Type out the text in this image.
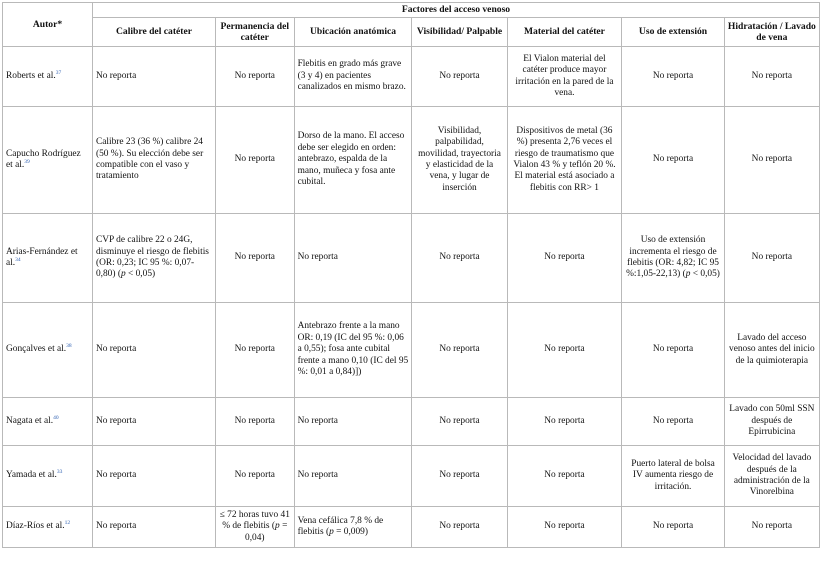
Autor*	Factores del acceso venoso						
	Calibre del catéter	Permanencia del catéter	Ubicación anatómica	Visibilidad/ Palpable	Material del catéter	Uso de extensión	Hidratación / Lavado de vena
Roberts et al.$^{37}$	No reporta	No reporta	Flebitis en grado más grave (3 y 4) en pacientes canalizados en mismo brazo.	No reporta	El Vialon material del catéter produce mayor irritación en la pared de la vena.	No reporta	No reporta
Capucho Rodríguez et al.$^{39}$	Calibre 23 (36 %) calibre 24 (50 %). Su elección debe ser compatible con el vaso y tratamiento	No reporta	Dorso de la mano. El acceso debe ser elegido en orden: antebrazo, espalda de la mano, muñeca y fosa ante cubital.	Visibilidad, palpabilidad, movilidad, trayectoria y elasticidad de la vena, y lugar de inserción	Dispositivos de metal (36 %) presenta 2,76 veces el riesgo de traumatismo que Vialon 43 % y teflón 20 %. El material está asociado a flebitis con RR> 1	No reporta	No reporta
Arias-Fernández et al.$^{34}$	CVP de calibre 22 o 24G, disminuye el riesgo de flebitis (OR: 0,23; IC 95 %: 0,07-0,80) (p < 0,05)	No reporta	No reporta	No reporta	No reporta	Uso de extensión incrementa el riesgo de flebitis (OR: 4,82; IC 95 %:1,05-22,13) (p < 0,05)	No reporta
Gonçalves et al.$^{38}$	No reporta	No reporta	Antebrazo frente a la mano OR: 0,19 (IC del 95 %: 0,06 a 0,55); fosa ante cubital frente a mano 0,10 (IC del 95 %: 0,01 a 0,84)])	No reporta	No reporta	No reporta	Lavado del acceso venoso antes del inicio de la quimioterapia
Nagata et al.$^{40}$	No reporta	No reporta	No reporta	No reporta	No reporta	No reporta	Lavado con 50ml SSN después de Epirrubicina
Yamada et al.$^{33}$	No reporta	No reporta	No reporta	No reporta	No reporta	Puerto lateral de bolsa IV aumenta riesgo de irritación.	Velocidad del lavado después de la administración de la Vinorelbina
Díaz-Ríos et al.$^{12}$	No reporta	≤ 72 horas tuvo 41 % de flebitis (p = 0,04)	Vena cefálica 7,8 % de flebitis (p = 0,009)	No reporta	No reporta	No reporta	No reporta
